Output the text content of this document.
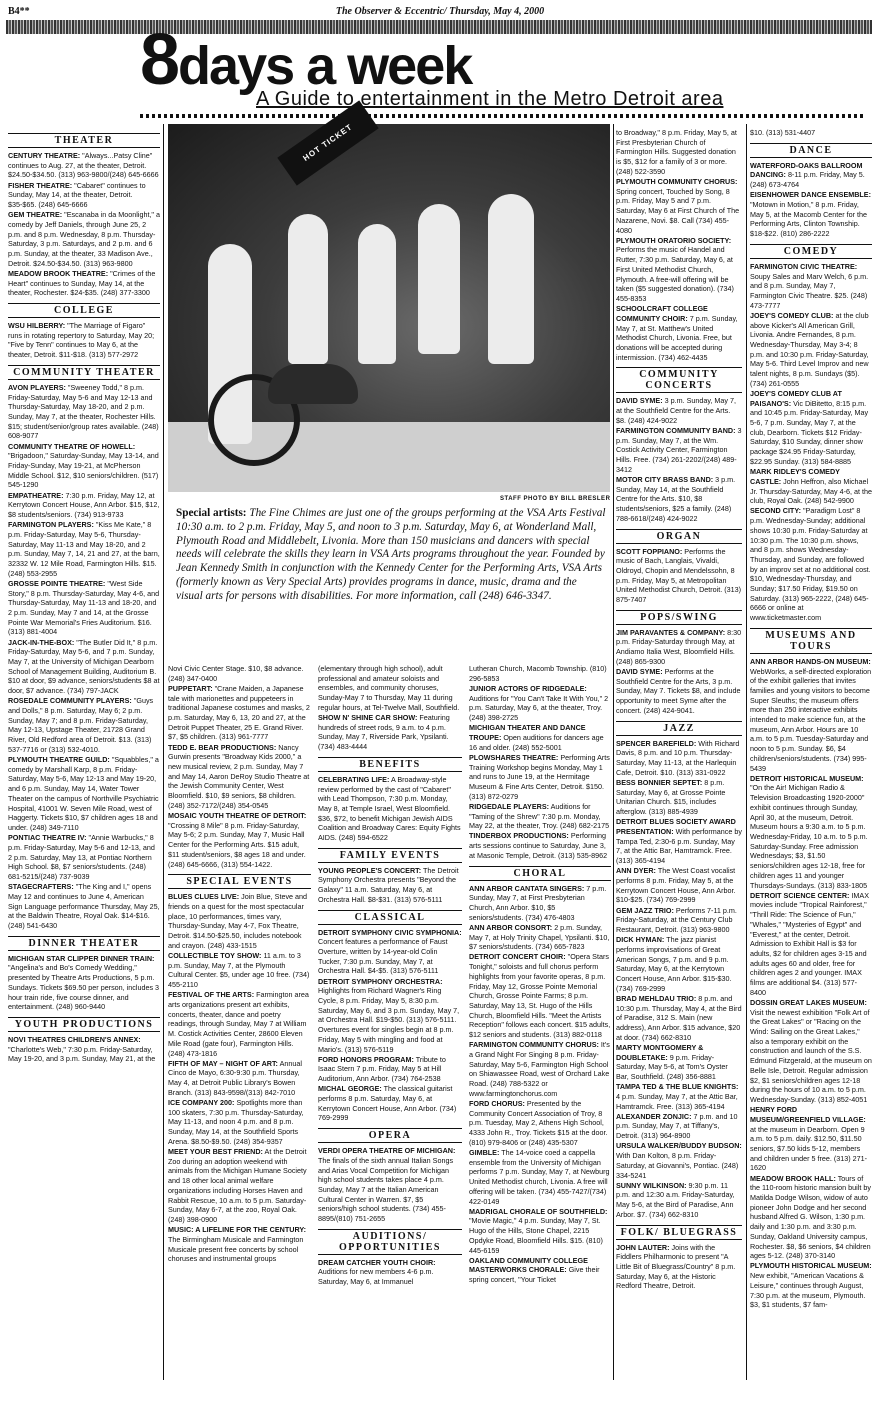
B4**	The Observer & Eccentric/ Thursday, May 4, 2000
8days a week
A Guide to entertainment in the Metro Detroit area
HOT TICKET
STAFF PHOTO BY BILL BRESLER
Special artists: The Fine Chimes are just one of the groups performing at the VSA Arts Festival 10:30 a.m. to 2 p.m. Friday, May 5, and noon to 3 p.m. Saturday, May 6, at Wonderland Mall, Plymouth Road and Middlebelt, Livonia. More than 150 musicians and dancers with special needs will celebrate the skills they learn in VSA Arts programs throughout the year. Founded by Jean Kennedy Smith in conjunction with the Kennedy Center for the Performing Arts, VSA Arts (formerly known as Very Special Arts) provides programs in dance, music, drama and the visual arts for persons with disabilities. For more information, call (248) 646-3347.
THEATER
CENTURY THEATRE: "Always...Patsy Cline" continues to Aug. 27, at the theater, Detroit. $24.50-$34.50. (313) 963-9800/(248) 645-6666
FISHER THEATRE: "Cabaret" continues to Sunday, May 14, at the theater, Detroit. $35-$65. (248) 645-6666
GEM THEATRE: "Escanaba in da Moonlight," a comedy by Jeff Daniels, through June 25, 2 p.m. and 8 p.m. Wednesday, 8 p.m. Thursday-Saturday, 3 p.m. Saturdays, and 2 p.m. and 6 p.m. Sunday, at the theater, 33 Madison Ave., Detroit. $24.50-$34.50. (313) 963-9800
MEADOW BROOK THEATRE: "Crimes of the Heart" continues to Sunday, May 14, at the theater, Rochester. $24-$35. (248) 377-3300
COLLEGE
WSU HILBERRY: "The Marriage of Figaro" runs in rotating repertory to Saturday, May 20; "Five by Tenn" continues to May 6, at the theater, Detroit. $11-$18. (313) 577-2972
COMMUNITY THEATER
AVON PLAYERS: "Sweeney Todd," 8 p.m. Friday-Saturday, May 5-6 and May 12-13 and Thursday-Saturday, May 18-20, and 2 p.m. Sunday, May 7, at the theater, Rochester Hills. $15; student/senior/group rates available. (248) 608-9077
COMMUNITY THEATRE OF HOWELL: "Brigadoon," Saturday-Sunday, May 13-14, and Friday-Sunday, May 19-21, at McPherson Middle School. $12, $10 seniors/children. (517) 545-1290
EMPATHEATRE: 7:30 p.m. Friday, May 12, at Kerrytown Concert House, Ann Arbor. $15, $12, $8 students/seniors. (734) 913-9733
FARMINGTON PLAYERS: "Kiss Me Kate," 8 p.m. Friday-Saturday, May 5-6, Thursday-Saturday, May 11-13 and May 18-20, and 2 p.m. Sunday, May 7, 14, 21 and 27, at the barn, 32332 W. 12 Mile Road, Farmington Hills. $15. (248) 553-2955
GROSSE POINTE THEATRE: "West Side Story," 8 p.m. Thursday-Saturday, May 4-6, and Thursday-Saturday, May 11-13 and 18-20, and 2 p.m. Sunday, May 7 and 14, at the Grosse Pointe War Memorial's Fries Auditorium. $16. (313) 881-4004
JACK-IN-THE-BOX: "The Butler Did It," 8 p.m. Friday-Saturday, May 5-6, and 7 p.m. Sunday, May 7, at the University of Michigan Dearborn School of Management Building, Auditorium B. $10 at door, $9 advance, seniors/students $8 at door, $7 advance. (734) 797-JACK
ROSEDALE COMMUNITY PLAYERS: "Guys and Dolls," 8 p.m. Saturday, May 6; 2 p.m. Sunday, May 7; and 8 p.m. Friday-Saturday, May 12-13, Upstage Theater, 21728 Grand River, Old Redford area of Detroit. $13. (313) 537-7716 or (313) 532-4010.
PLYMOUTH THEATRE GUILD: "Squabbles," a comedy by Marshall Karp, 8 p.m. Friday-Saturday, May 5-6, May 12-13 and May 19-20, and 6 p.m. Sunday, May 14, Water Tower Theater on the campus of Northville Psychiatric Hospital, 41001 W. Seven Mile Road, west of Haggerty. Tickets $10, $7 children ages 18 and under. (248) 349-7110
PONTIAC THEATRE IV: "Annie Warbucks," 8 p.m. Friday-Saturday, May 5-6 and 12-13, and 2 p.m. Saturday, May 13, at Pontiac Northern High School. $8, $7 seniors/students. (248) 681-5215/(248) 737-9039
STAGECRAFTERS: "The King and I," opens May 12 and continues to June 4, American Sign Language performance Thursday, May 25, at the Baldwin Theatre, Royal Oak. $14-$16. (248) 541-6430
DINNER THEATER
MICHIGAN STAR CLIPPER DINNER TRAIN: "Angelina's and Bo's Comedy Wedding," presented by Theatre Arts Productions, 5 p.m. Sundays. Tickets $69.50 per person, includes 3 hour train ride, five course dinner, and entertainment. (248) 960-9440
YOUTH PRODUCTIONS
NOVI THEATRES CHILDREN'S ANNEX: "Charlotte's Web," 7:30 p.m. Friday-Saturday, May 19-20, and 3 p.m. Sunday, May 21, at the
Novi Civic Center Stage. $10, $8 advance. (248) 347-0400
PUPPETART: "Crane Maiden, a Japanese tale with marionettes and puppeteers in traditional Japanese costumes and masks, 2 p.m. Saturday, May 6, 13, 20 and 27, at the Detroit Puppet Theater, 25 E. Grand River. $7, $5 children. (313) 961-7777
TEDD E. BEAR PRODUCTIONS: Nancy Gurwin presents "Broadway Kids 2000," a new musical review, 2 p.m. Sunday, May 7 and May 14, Aaron DeRoy Studio Theatre at the Jewish Community Center, West Bloomfield. $10, $9 seniors, $8 children. (248) 352-7172/(248) 354-0545
MOSAIC YOUTH THEATRE OF DETROIT: "Crossing 8 Mile" 8 p.m. Friday-Saturday, May 5-6; 2 p.m. Sunday, May 7, Music Hall Center for the Performing Arts. $15 adult, $11 student/seniors, $8 ages 18 and under. (248) 645-6666, (313) 554-1422.
SPECIAL EVENTS
BLUES CLUES LIVE: Join Blue, Steve and friends on a quest for the most spectacular place, 10 performances, times vary, Thursday-Sunday, May 4-7, Fox Theatre, Detroit. $14.50-$25.50, includes notebook and crayon. (248) 433-1515
COLLECTIBLE TOY SHOW: 11 a.m. to 3 p.m. Sunday, May 7, at the Plymouth Cultural Center. $5, under age 10 free. (734) 455-2110
FESTIVAL OF THE ARTS: Farmington area arts organizations present art exhibits, concerts, theater, dance and poetry readings, through Sunday, May 7 at William M. Costick Activities Center, 28600 Eleven Mile Road (gate four), Farmington Hills. (248) 473-1816
FIFTH OF MAY – NIGHT OF ART: Annual Cinco de Mayo, 6:30-9:30 p.m. Thursday, May 4, at Detroit Public Library's Bowen Branch. (313) 843-9598/(313) 842-7010
ICE COMPANY 200: Spotlights more than 100 skaters, 7:30 p.m. Thursday-Saturday, May 11-13, and noon 4 p.m. and 8 p.m. Sunday, May 14, at the Southfield Sports Arena. $8.50-$9.50. (248) 354-9357
MEET YOUR BEST FRIEND: At the Detroit Zoo during an adoption weekend with animals from the Michigan Humane Society and 18 other local animal welfare organizations including Horses Haven and Rabbit Rescue, 10 a.m. to 5 p.m. Saturday-Sunday, May 6-7, at the zoo, Royal Oak. (248) 398-0900
MUSIC: A LIFELINE FOR THE CENTURY: The Birmingham Musicale and Farmington Musicale present free concerts by school choruses and instrumental groups
(elementary through high school), adult professional and amateur soloists and ensembles, and community choruses, Sunday-May 7 to Thursday, May 11 during regular hours, at Tel-Twelve Mall, Southfield.
SHOW N' SHINE CAR SHOW: Featuring hundreds of street rods, 9 a.m. to 4 p.m. Sunday, May 7, Riverside Park, Ypsilanti. (734) 483-4444
BENEFITS
CELEBRATING LIFE: A Broadway-style review performed by the cast of "Cabaret" with Lead Thompson, 7:30 p.m. Monday, May 8, at Temple Israel, West Bloomfield. $36, $72, to benefit Michigan Jewish AIDS Coalition and Broadway Cares: Equity Fights AIDS. (248) 594-6522
FAMILY EVENTS
YOUNG PEOPLE'S CONCERT: The Detroit Symphony Orchestra presents "Beyond the Galaxy" 11 a.m. Saturday, May 6, at Orchestra Hall. $8-$31. (313) 576-5111
CLASSICAL
DETROIT SYMPHONY CIVIC SYMPHONIA: Concert features a performance of Faust Overture, written by 14-year-old Colin Tucker, 7:30 p.m. Sunday, May 7, at Orchestra Hall. $4-$5. (313) 576-5111
DETROIT SYMPHONY ORCHESTRA: Highlights from Richard Wagner's Ring Cycle, 8 p.m. Friday, May 5, 8:30 p.m. Saturday, May 6, and 3 p.m. Sunday, May 7, at Orchestra Hall. $19-$50. (313) 576-5111. Overtures event for singles begin at 8 p.m. Friday, May 5 with mingling and food at Mario's. (313) 576-5119
FORD HONORS PROGRAM: Tribute to Isaac Stern 7 p.m. Friday, May 5 at Hill Auditorium, Ann Arbor. (734) 764-2538
MICHAL GEORGE: The classical guitarist performs 8 p.m. Saturday, May 6, at Kerrytown Concert House, Ann Arbor. (734) 769-2999
OPERA
VERDI OPERA THEATRE OF MICHIGAN: The finals of the sixth annual Italian Songs and Arias Vocal Competition for Michigan high school students takes place 4 p.m. Sunday, May 7 at the Italian American Cultural Center in Warren. $7, $5 seniors/high school students. (734) 455-8895/(810) 751-2655
AUDITIONS/ OPPORTUNITIES
DREAM CATCHER YOUTH CHOIR: Auditions for new members 4-6 p.m. Saturday, May 6, at Immanuel
Lutheran Church, Macomb Township. (810) 296-5853
JUNIOR ACTORS OF RIDGEDALE: Auditions for "You Can't Take It With You," 2 p.m. Saturday, May 6, at the theater, Troy. (248) 398-2725
MICHIGAN THEATER AND DANCE TROUPE: Open auditions for dancers age 16 and older. (248) 552-5001
PLOWSHARES THEATRE: Performing Arts Training Workshop begins Monday, May 1 and runs to June 19, at the Hermitage Museum & Fine Arts Center, Detroit. $150. (313) 872-0279
RIDGEDALE PLAYERS: Auditions for "Taming of the Shrew" 7:30 p.m. Monday, May 22, at the theater, Troy. (248) 682-2175
TINDERBOX PRODUCTIONS: Performing arts sessions continue to Saturday, June 3, at Masonic Temple, Detroit. (313) 535-8962
CHORAL
ANN ARBOR CANTATA SINGERS: 7 p.m. Sunday, May 7, at First Presbyterian Church, Ann Arbor. $10, $5 seniors/students. (734) 476-4803
ANN ARBOR CONSORT: 2 p.m. Sunday, May 7, at Holy Trinity Chapel, Ypsilanti. $10, $7 seniors/students. (734) 665-7823
DETROIT CONCERT CHOIR: "Opera Stars Tonight," soloists and full chorus perform highlights from your favorite operas, 8 p.m. Friday, May 12, Grosse Pointe Memorial Church, Grosse Pointe Farms; 8 p.m. Saturday, May 13, St. Hugo of the Hills Church, Bloomfield Hills. "Meet the Artists Reception" follows each concert. $15 adults, $12 seniors and students. (313) 882-0118
FARMINGTON COMMUNITY CHORUS: It's a Grand Night For Singing 8 p.m. Friday-Saturday, May 5-6, Farmington High School on Shiawassee Road, west of Orchard Lake Road. (248) 788-5322 or www.farmingtonchorus.com
FORD CHORUS: Presented by the Community Concert Association of Troy, 8 p.m. Tuesday, May 2, Athens High School, 4333 John R., Troy. Tickets $15 at the door. (810) 979-8406 or (248) 435-5307
GIMBLE: The 14-voice coed a cappella ensemble from the University of Michigan performs 7 p.m. Sunday, May 7, at Newburg United Methodist church, Livonia. A free will offering will be taken. (734) 455-7427/(734) 422-0149
MADRIGAL CHORALE OF SOUTHFIELD: "Movie Magic," 4 p.m. Sunday, May 7, St. Hugo of the Hills, Stone Chapel, 2215 Opdyke Road, Bloomfield Hills. $15. (810) 445-6159
OAKLAND COMMUNITY COLLEGE MASTERWORKS CHORALE: Give their spring concert, "Your Ticket
to Broadway," 8 p.m. Friday, May 5, at First Presbyterian Church of Farmington Hills. Suggested donation is $5, $12 for a family of 3 or more. (248) 522-3590
PLYMOUTH COMMUNITY CHORUS: Spring concert, Touched by Song, 8 p.m. Friday, May 5 and 7 p.m. Saturday, May 6 at First Church of The Nazarene, Novi. $8. Call (734) 455-4080
PLYMOUTH ORATORIO SOCIETY: Performs the music of Handel and Rutter, 7:30 p.m. Saturday, May 6, at First United Methodist Church, Plymouth. A free-will offering will be taken ($5 suggested donation). (734) 455-8353
SCHOOLCRAFT COLLEGE COMMUNITY CHOIR: 7 p.m. Sunday, May 7, at St. Matthew's United Methodist Church, Livonia. Free, but donations will be accepted during intermission. (734) 462-4435
COMMUNITY CONCERTS
DAVID SYME: 3 p.m. Sunday, May 7, at the Southfield Centre for the Arts. $8. (248) 424-9022
FARMINGTON COMMUNITY BAND: 3 p.m. Sunday, May 7, at the Wm. Costick Activity Center, Farmington Hills. Free. (734) 261-2202/(248) 489-3412
MOTOR CITY BRASS BAND: 3 p.m. Sunday, May 14, at the Southfield Centre for the Arts. $10, $8 students/seniors, $25 a family. (248) 788-6618/(248) 424-9022
ORGAN
SCOTT FOPPIANO: Performs the music of Bach, Langlais, Vivaldi, Oldroyd, Chopin and Mendelssohn, 8 p.m. Friday, May 5, at Metropolitan United Methodist Church, Detroit. (313) 875-7407
POPS/SWING
JIM PARAVANTES & COMPANY: 8:30 p.m. Friday-Saturday through May, at Andiamo Italia West, Bloomfield Hills. (248) 865-9300
DAVID SYME: Performs at the Southfield Centre for the Arts, 3 p.m. Sunday, May 7. Tickets $8, and include opportunity to meet Syme after the concert. (248) 424-9041.
JAZZ
SPENCER BAREFIELD: With Richard Davis, 8 p.m. and 10 p.m. Thursday-Saturday, May 11-13, at the Harlequin Cafe, Detroit. $10. (313) 331-0922
BESS BONNIER SEPTET: 8 p.m. Saturday, May 6, at Grosse Pointe Unitarian Church. $15, includes afterglow. (313) 885-4939
DETROIT BLUES SOCIETY AWARD PRESENTATION: With performance by Tampa Ted, 2:30-6 p.m. Sunday, May 7, at the Attic Bar, Hamtramck. Free. (313) 365-4194
ANN DYER: The West Coast vocalist performs 8 p.m. Friday, May 5, at the Kerrytown Concert House, Ann Arbor. $10-$25. (734) 769-2999
GEM JAZZ TRIO: Performs 7-11 p.m. Friday-Saturday, at the Century Club Restaurant, Detroit. (313) 963-9800
DICK HYMAN: The jazz pianist performs improvisations of Great American Songs, 7 p.m. and 9 p.m. Saturday, May 6, at the Kerrytown Concert House, Ann Arbor. $15-$30. (734) 769-2999
BRAD MEHLDAU TRIO: 8 p.m. and 10:30 p.m. Thursday, May 4, at the Bird of Paradise, 312 S. Main (new address), Ann Arbor. $15 advance, $20 at door. (734) 662-8310
MARTY MONTGOMERY & DOUBLETAKE: 9 p.m. Friday-Saturday, May 5-6, at Tom's Oyster Bar, Southfield. (248) 356-8881
TAMPA TED & THE BLUE KNIGHTS: 4 p.m. Sunday, May 7, at the Attic Bar, Hamtramck. Free. (313) 365-4194
ALEXANDER ZONJIC: 7 p.m. and 10 p.m. Sunday, May 7, at Tiffany's, Detroit. (313) 964-8900
URSULA WALKER/BUDDY BUDSON: With Dan Kolton, 8 p.m. Friday-Saturday, at Giovanni's, Pontiac. (248) 334-5241
SUNNY WILKINSON: 9:30 p.m. 11 p.m. and 12:30 a.m. Friday-Saturday, May 5-6, at the Bird of Paradise, Ann Arbor. $7. (734) 662-8310
FOLK/ BLUEGRASS
JOHN LAUTER: Joins with the Fiddlers Philharmonic to present "A Little Bit of Bluegrass/Country" 8 p.m. Saturday, May 6, at the Historic Redford Theatre, Detroit.
$10. (313) 531-4407
DANCE
WATERFORD-OAKS BALLROOM DANCING: 8-11 p.m. Friday, May 5. (248) 673-4764
EISENHOWER DANCE ENSEMBLE: "Motown in Motion," 8 p.m. Friday, May 5, at the Macomb Center for the Performing Arts, Clinton Township. $18-$22. (810) 286-2222
COMEDY
FARMINGTON CIVIC THEATRE: Soupy Sales and Marv Welch, 6 p.m. and 8 p.m. Sunday, May 7, Farmington Civic Theatre. $25. (248) 473-7777
JOEY'S COMEDY CLUB: at the club above Kicker's All American Grill, Livonia. Andre Fernandes, 8 p.m. Wednesday-Thursday, May 3-4; 8 p.m. and 10:30 p.m. Friday-Saturday, May 5-6. Third Level Improv and new talent nights, 8 p.m. Sundays ($5). (734) 261-0555
JOEY'S COMEDY CLUB AT PAISANO'S: Vic DiBitetto, 8:15 p.m. and 10:45 p.m. Friday-Saturday, May 5-6, 7 p.m. Sunday, May 7, at the club, Dearborn. Tickets $12 Friday-Saturday, $10 Sunday, dinner show package $24.95 Friday-Saturday, $22.95 Sunday. (313) 584-8885
MARK RIDLEY'S COMEDY CASTLE: John Heffron, also Michael Jr. Thursday-Saturday, May 4-6, at the club, Royal Oak. (248) 542-9900
SECOND CITY: "Paradigm Lost" 8 p.m. Wednesday-Sunday; additional shows 10:30 p.m. Friday-Saturday at 10:30 p.m. The 10:30 p.m. shows, and 8 p.m. shows Wednesday-Thursday, and Sunday, are followed by an improv set at no additional cost. $10, Wednesday-Thursday, and Sunday; $17.50 Friday, $19.50 on Saturday. (313) 965-2222, (248) 645-6666 or online at www.ticketmaster.com
MUSEUMS AND TOURS
ANN ARBOR HANDS-ON MUSEUM: WebWorks, a self-directed exploration of the exhibit galleries that invites families and young visitors to become Super Sleuths; the museum offers more than 250 interactive exhibits intended to make science fun, at the museum, Ann Arbor. Hours are 10 a.m. to 5 p.m. Tuesday-Saturday and noon to 5 p.m. Sunday. $6, $4 children/seniors/students. (734) 995-5439
DETROIT HISTORICAL MUSEUM: "On the Air! Michigan Radio & Television Broadcasting 1920-2000" exhibit continues through Sunday, April 30, at the museum, Detroit. Museum hours a 9:30 a.m. to 5 p.m. Wednesday-Friday, 10 a.m. to 5 p.m. Saturday-Sunday. Free admission Wednesdays; $3, $1.50 seniors/children ages 12-18, free for children ages 11 and younger Thursdays-Sundays. (313) 833-1805
DETROIT SCIENCE CENTER: IMAX movies include "Tropical Rainforest," "Thrill Ride: The Science of Fun," "Whales," "Mysteries of Egypt" and "Everest," at the center, Detroit. Admission to Exhibit Hall is $3 for adults, $2 for children ages 3-15 and adults ages 60 and older, free for children ages 2 and younger. IMAX films are additional $4. (313) 577-8400
DOSSIN GREAT LAKES MUSEUM: Visit the newest exhibition "Folk Art of the Great Lakes" or "Racing on the Wind: Sailing on the Great Lakes," also a temporary exhibit on the construction and launch of the S.S. Edmund Fitzgerald, at the museum on Belle Isle, Detroit. Regular admission $2, $1 seniors/children ages 12-18 during the hours of 10 a.m. to 5 p.m. Wednesday-Sunday. (313) 852-4051
HENRY FORD MUSEUM/GREENFIELD VILLAGE: at the museum in Dearborn. Open 9 a.m. to 5 p.m. daily. $12.50, $11.50 seniors, $7.50 kids 5-12, members and children under 5 free. (313) 271-1620
MEADOW BROOK HALL: Tours of the 110-room historic mansion built by Matilda Dodge Wilson, widow of auto pioneer John Dodge and her second husband Alfred G. Wilson, 1:30 p.m. daily and 1:30 p.m. and 3:30 p.m. Sunday, Oakland University campus, Rochester. $8, $6 seniors, $4 children ages 5-12. (248) 370-3140
PLYMOUTH HISTORICAL MUSEUM: New exhibit, "American Vacations & Leisure," continues through August, 7:30 p.m. at the museum, Plymouth. $3, $1 students, $7 fam-
